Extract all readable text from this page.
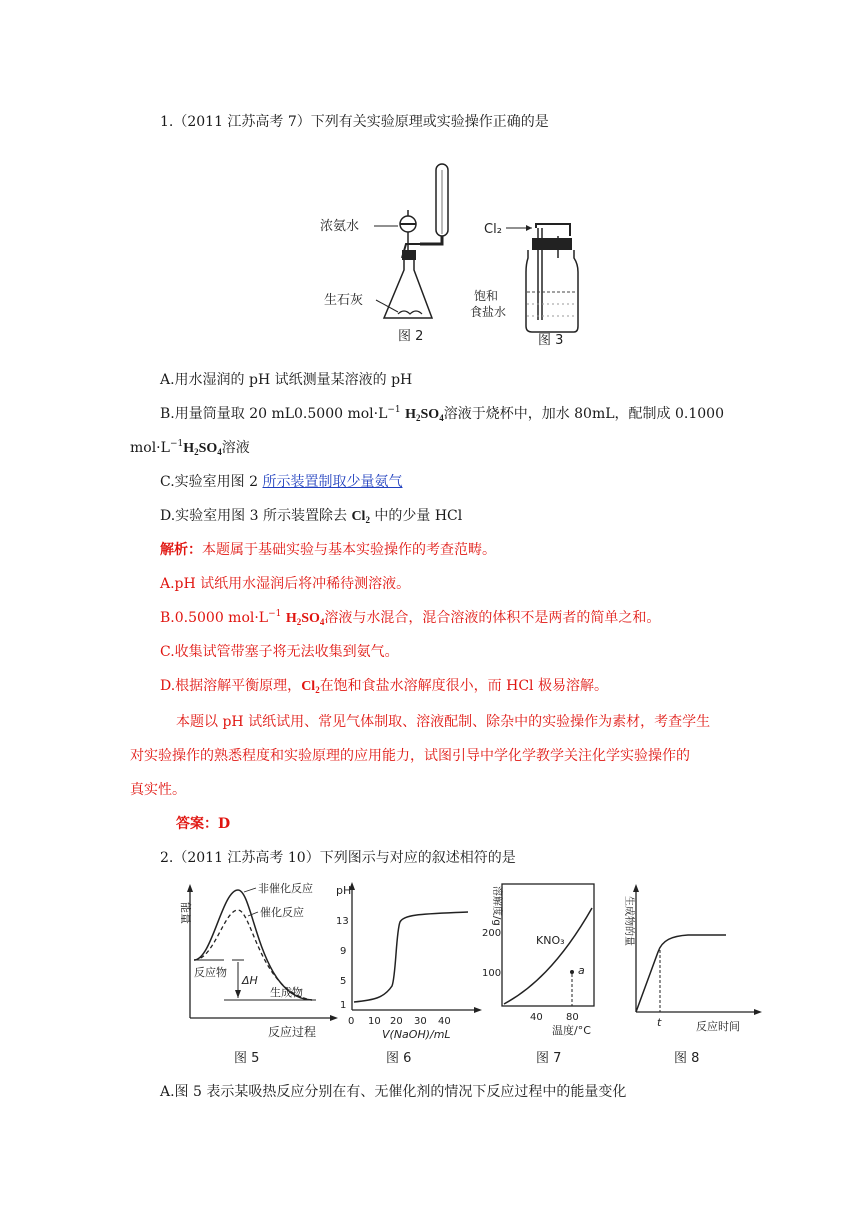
1.（2011 江苏高考 7）下列有关实验原理或实验操作正确的是
浓氨水
生石灰
图 2
Cl₂
饱和
食盐水
图 3
A.用水湿润的 pH 试纸测量某溶液的 pH
B.用量筒量取 20 mL0.5000 $mol\cdot L^{-1}$ $H_2SO_4$溶液于烧杯中，加水 80mL，配制成 0.1000
$mol\cdot L^{-1}H_2SO_4$溶液
C.实验室用图 2 所示装置制取少量氨气
D.实验室用图 3 所示装置除去 $Cl_2$ 中的少量 HCl
解析：本题属于基础实验与基本实验操作的考查范畴。
A.pH 试纸用水湿润后将冲稀待测溶液。
B.0.5000 $mol\cdot L^{-1}$ $H_2SO_4$溶液与水混合，混合溶液的体积不是两者的简单之和。
C.收集试管带塞子将无法收集到氨气。
D.根据溶解平衡原理，$Cl_2$在饱和食盐水溶解度很小，而 HCl 极易溶解。
本题以 pH 试纸试用、常见气体制取、溶液配制、除杂中的实验操作为素材，考查学生
对实验操作的熟悉程度和实验原理的应用能力，试图引导中学化学教学关注化学实验操作的
真实性。
答案：D
2.（2011 江苏高考 10）下列图示与对应的叙述相符的是
能量
非催化反应
催化反应
反应物
ΔH
生成物
反应过程
图 5
pH
13
9
5
1
0 10 20 30 40
V(NaOH)/mL
图 6
溶解度/g
200
100
KNO₃
a
40 80
温度/°C
图 7
生成物的量
t	反应时间
图 8
A.图 5 表示某吸热反应分别在有、无催化剂的情况下反应过程中的能量变化
